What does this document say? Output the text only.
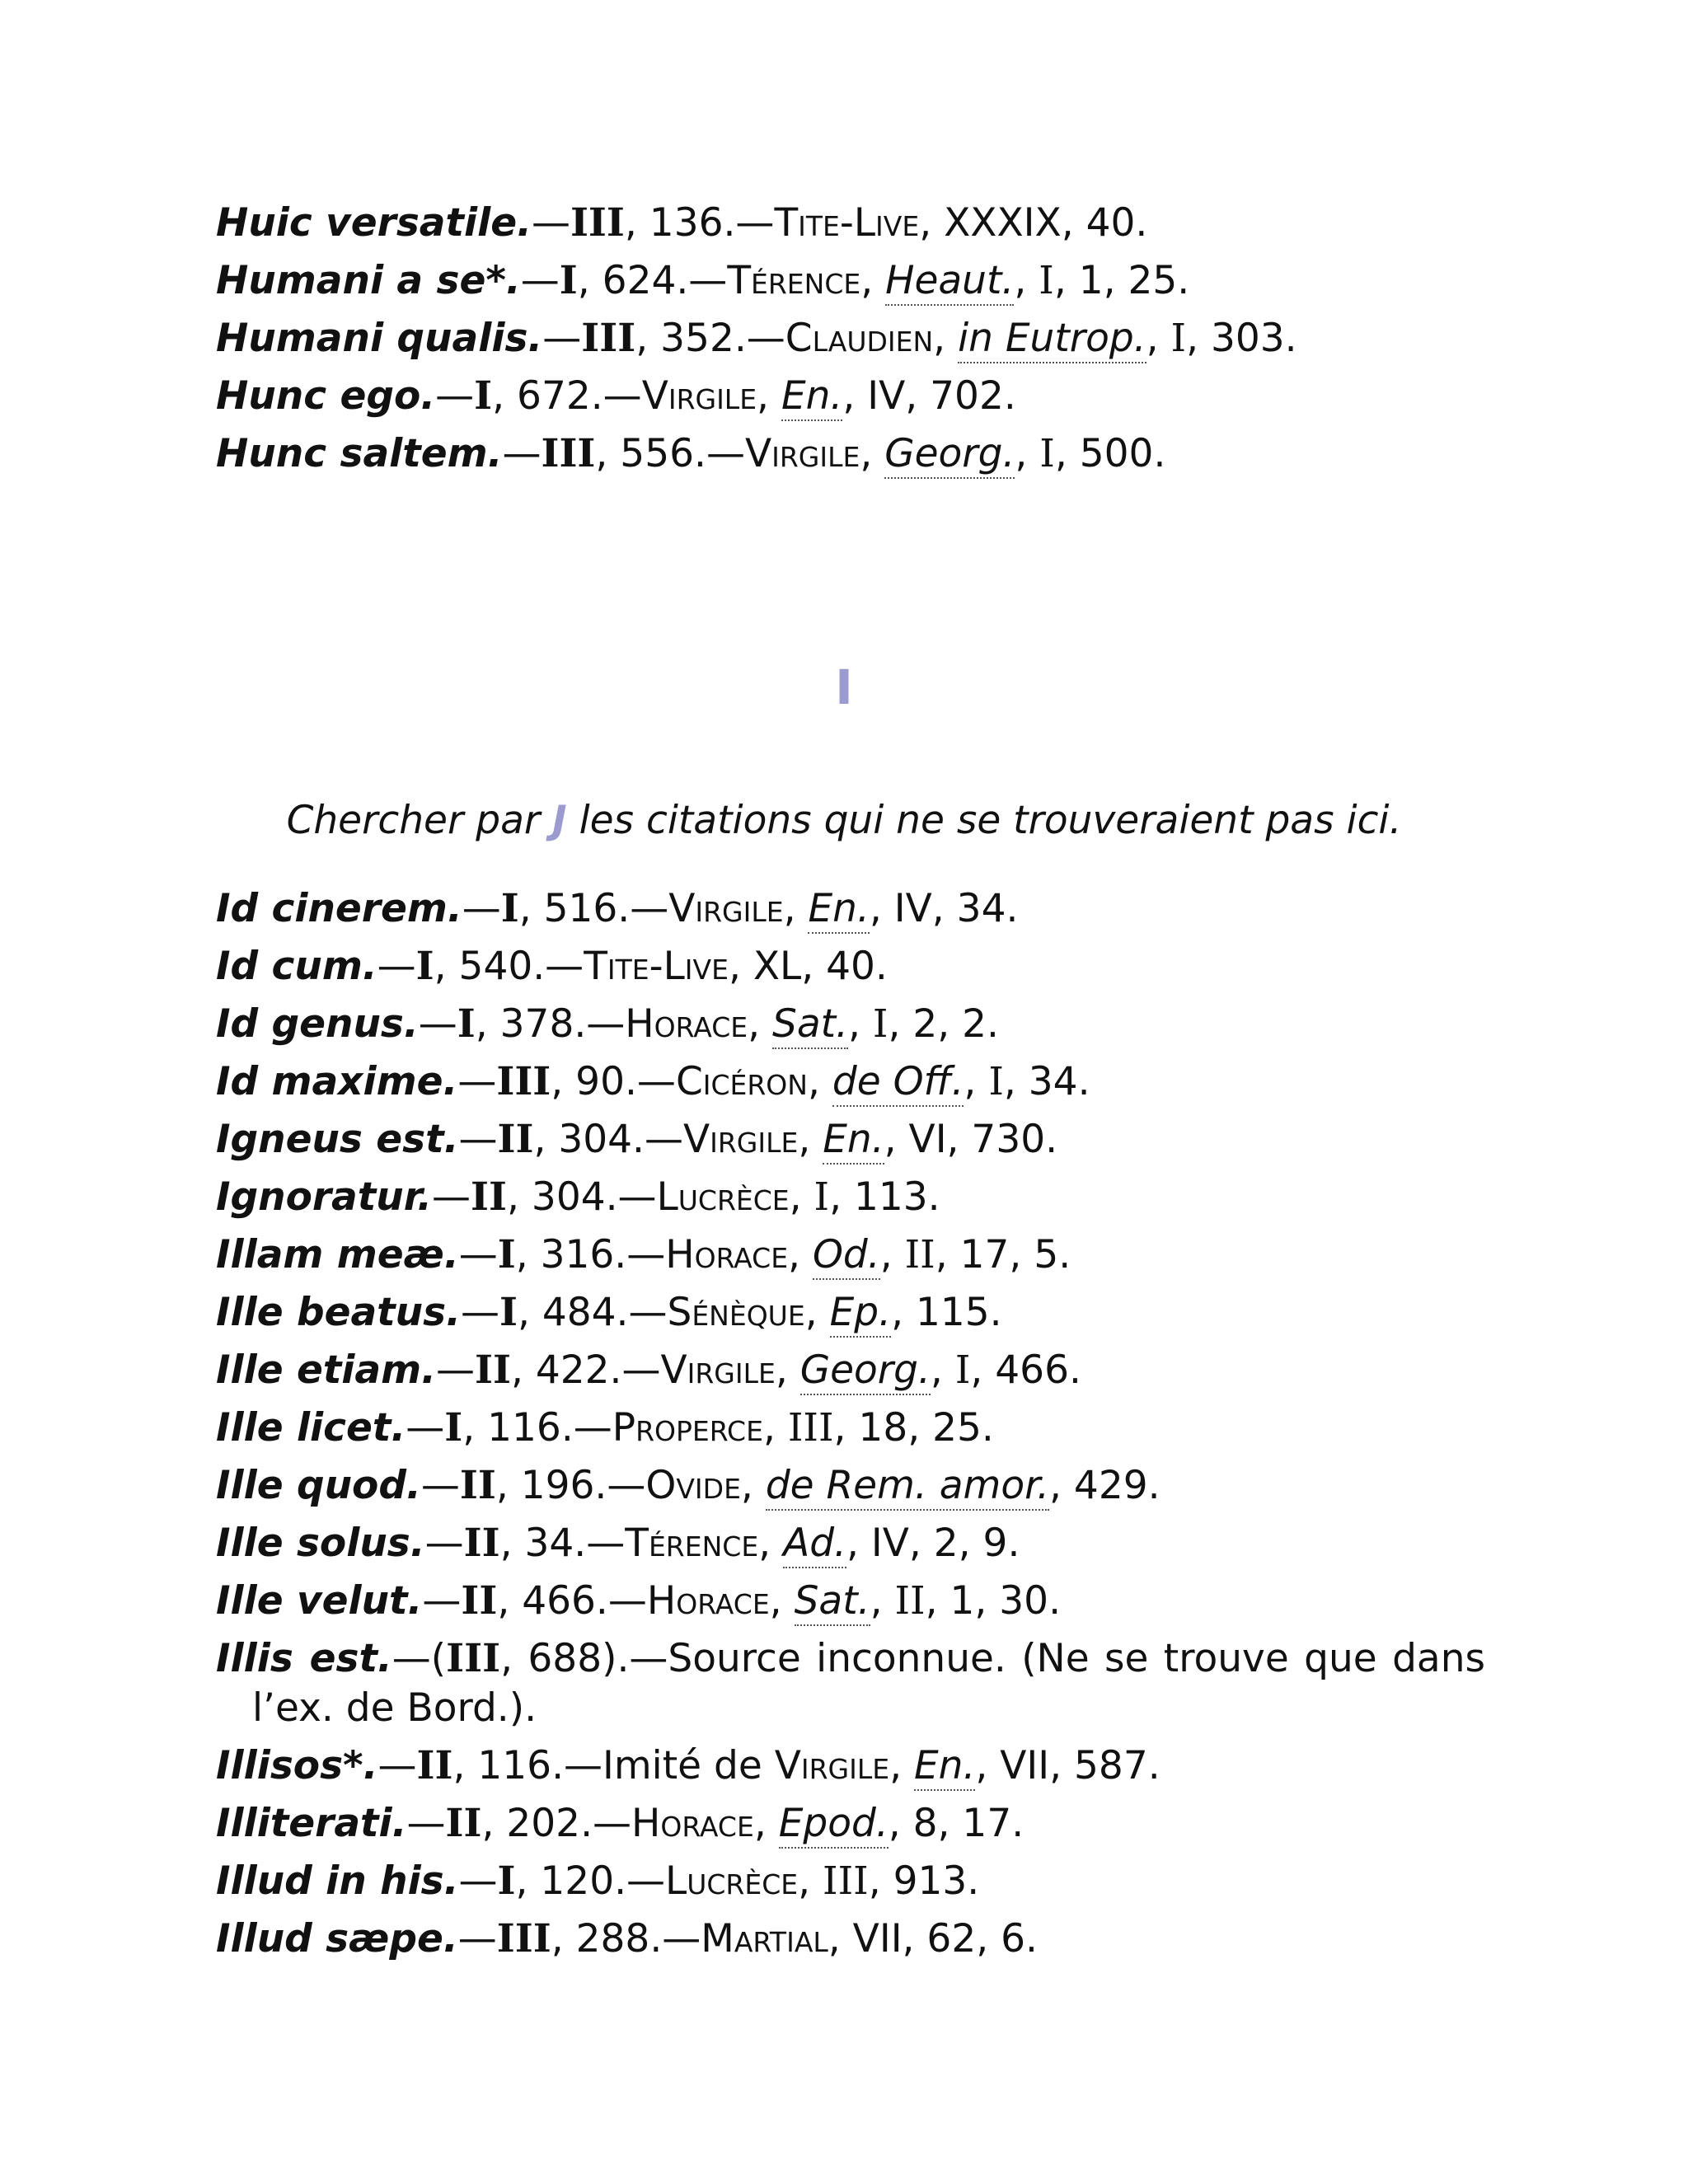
Huic versatile.—III, 136.—Tite-Live, XXXIX, 40.

Humani a se*.—I, 624.—Térence, Heaut., I, 1, 25.

Humani qualis.—III, 352.—Claudien, in Eutrop., I, 303.

Hunc ego.—I, 672.—Virgile, En., IV, 702.

Hunc saltem.—III, 556.—Virgile, Georg., I, 500.

I

Chercher par J les citations qui ne se trouveraient pas ici.

Id cinerem.—I, 516.—Virgile, En., IV, 34.

Id cum.—I, 540.—Tite-Live, XL, 40.

Id genus.—I, 378.—Horace, Sat., I, 2, 2.

Id maxime.—III, 90.—Cicéron, de Off., I, 34.

Igneus est.—II, 304.—Virgile, En., VI, 730.

Ignoratur.—II, 304.—Lucrèce, I, 113.

Illam meæ.—I, 316.—Horace, Od., II, 17, 5.

Ille beatus.—I, 484.—Sénèque, Ep., 115.

Ille etiam.—II, 422.—Virgile, Georg., I, 466.

Ille licet.—I, 116.—Properce, III, 18, 25.

Ille quod.—II, 196.—Ovide, de Rem. amor., 429.

Ille solus.—II, 34.—Térence, Ad., IV, 2, 9.

Ille velut.—II, 466.—Horace, Sat., II, 1, 30.

Illis est.—(III, 688).—Source inconnue. (Ne se trouve que dans l’ex. de Bord.).

Illisos*.—II, 116.—Imité de Virgile, En., VII, 587.

Illiterati.—II, 202.—Horace, Epod., 8, 17.

Illud in his.—I, 120.—Lucrèce, III, 913.

Illud sæpe.—III, 288.—Martial, VII, 62, 6.
